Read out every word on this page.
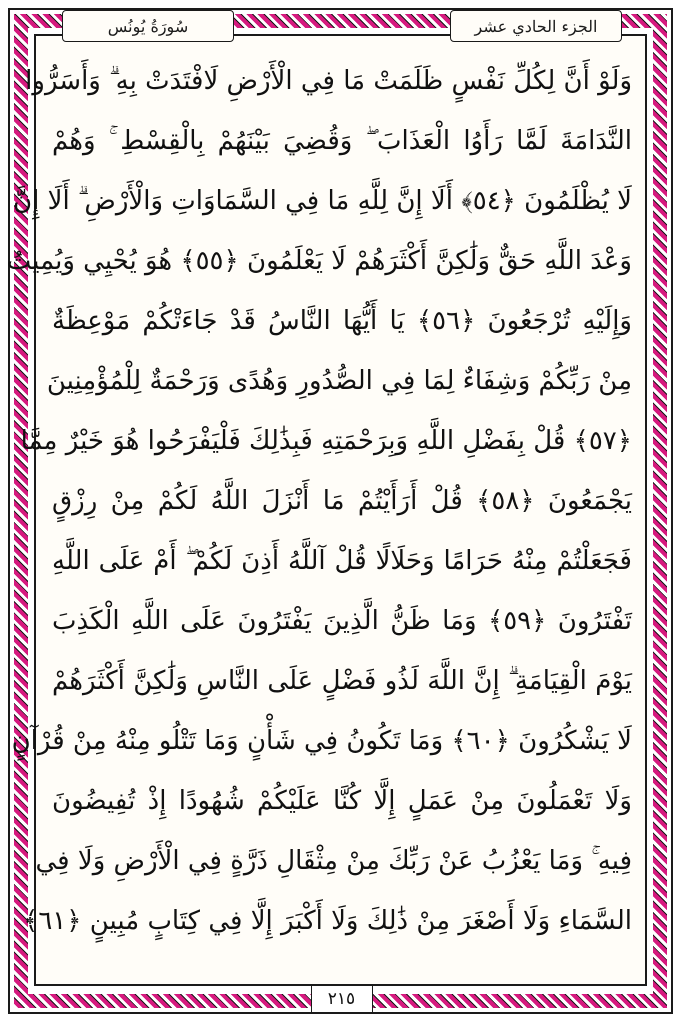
سُورَةُ يُونُس	الجزء الحادي عشر
وَلَوْ أَنَّ لِكُلِّ نَفْسٍ ظَلَمَتْ مَا فِي الْأَرْضِ لَافْتَدَتْ بِهِ ۗ وَأَسَرُّوا
النَّدَامَةَ لَمَّا رَأَوُا الْعَذَابَ ۖ وَقُضِيَ بَيْنَهُمْ بِالْقِسْطِ ۚ وَهُمْ
لَا يُظْلَمُونَ ﴿٥٤﴾ أَلَا إِنَّ لِلَّهِ مَا فِي السَّمَاوَاتِ وَالْأَرْضِ ۗ أَلَا إِنَّ
وَعْدَ اللَّهِ حَقٌّ وَلَٰكِنَّ أَكْثَرَهُمْ لَا يَعْلَمُونَ ﴿٥٥﴾ هُوَ يُحْيِي وَيُمِيتُ
وَإِلَيْهِ تُرْجَعُونَ ﴿٥٦﴾ يَا أَيُّهَا النَّاسُ قَدْ جَاءَتْكُمْ مَوْعِظَةٌ
مِنْ رَبِّكُمْ وَشِفَاءٌ لِمَا فِي الصُّدُورِ وَهُدًى وَرَحْمَةٌ لِلْمُؤْمِنِينَ
﴿٥٧﴾ قُلْ بِفَضْلِ اللَّهِ وَبِرَحْمَتِهِ فَبِذَٰلِكَ فَلْيَفْرَحُوا هُوَ خَيْرٌ مِمَّا
يَجْمَعُونَ ﴿٥٨﴾ قُلْ أَرَأَيْتُمْ مَا أَنْزَلَ اللَّهُ لَكُمْ مِنْ رِزْقٍ
فَجَعَلْتُمْ مِنْهُ حَرَامًا وَحَلَالًا قُلْ آللَّهُ أَذِنَ لَكُمْ ۖ أَمْ عَلَى اللَّهِ
تَفْتَرُونَ ﴿٥٩﴾ وَمَا ظَنُّ الَّذِينَ يَفْتَرُونَ عَلَى اللَّهِ الْكَذِبَ
يَوْمَ الْقِيَامَةِ ۗ إِنَّ اللَّهَ لَذُو فَضْلٍ عَلَى النَّاسِ وَلَٰكِنَّ أَكْثَرَهُمْ
لَا يَشْكُرُونَ ﴿٦٠﴾ وَمَا تَكُونُ فِي شَأْنٍ وَمَا تَتْلُو مِنْهُ مِنْ قُرْآنٍ
وَلَا تَعْمَلُونَ مِنْ عَمَلٍ إِلَّا كُنَّا عَلَيْكُمْ شُهُودًا إِذْ تُفِيضُونَ
فِيهِ ۚ وَمَا يَعْزُبُ عَنْ رَبِّكَ مِنْ مِثْقَالِ ذَرَّةٍ فِي الْأَرْضِ وَلَا فِي
السَّمَاءِ وَلَا أَصْغَرَ مِنْ ذَٰلِكَ وَلَا أَكْبَرَ إِلَّا فِي كِتَابٍ مُبِينٍ ﴿٦١﴾
٢١٥
